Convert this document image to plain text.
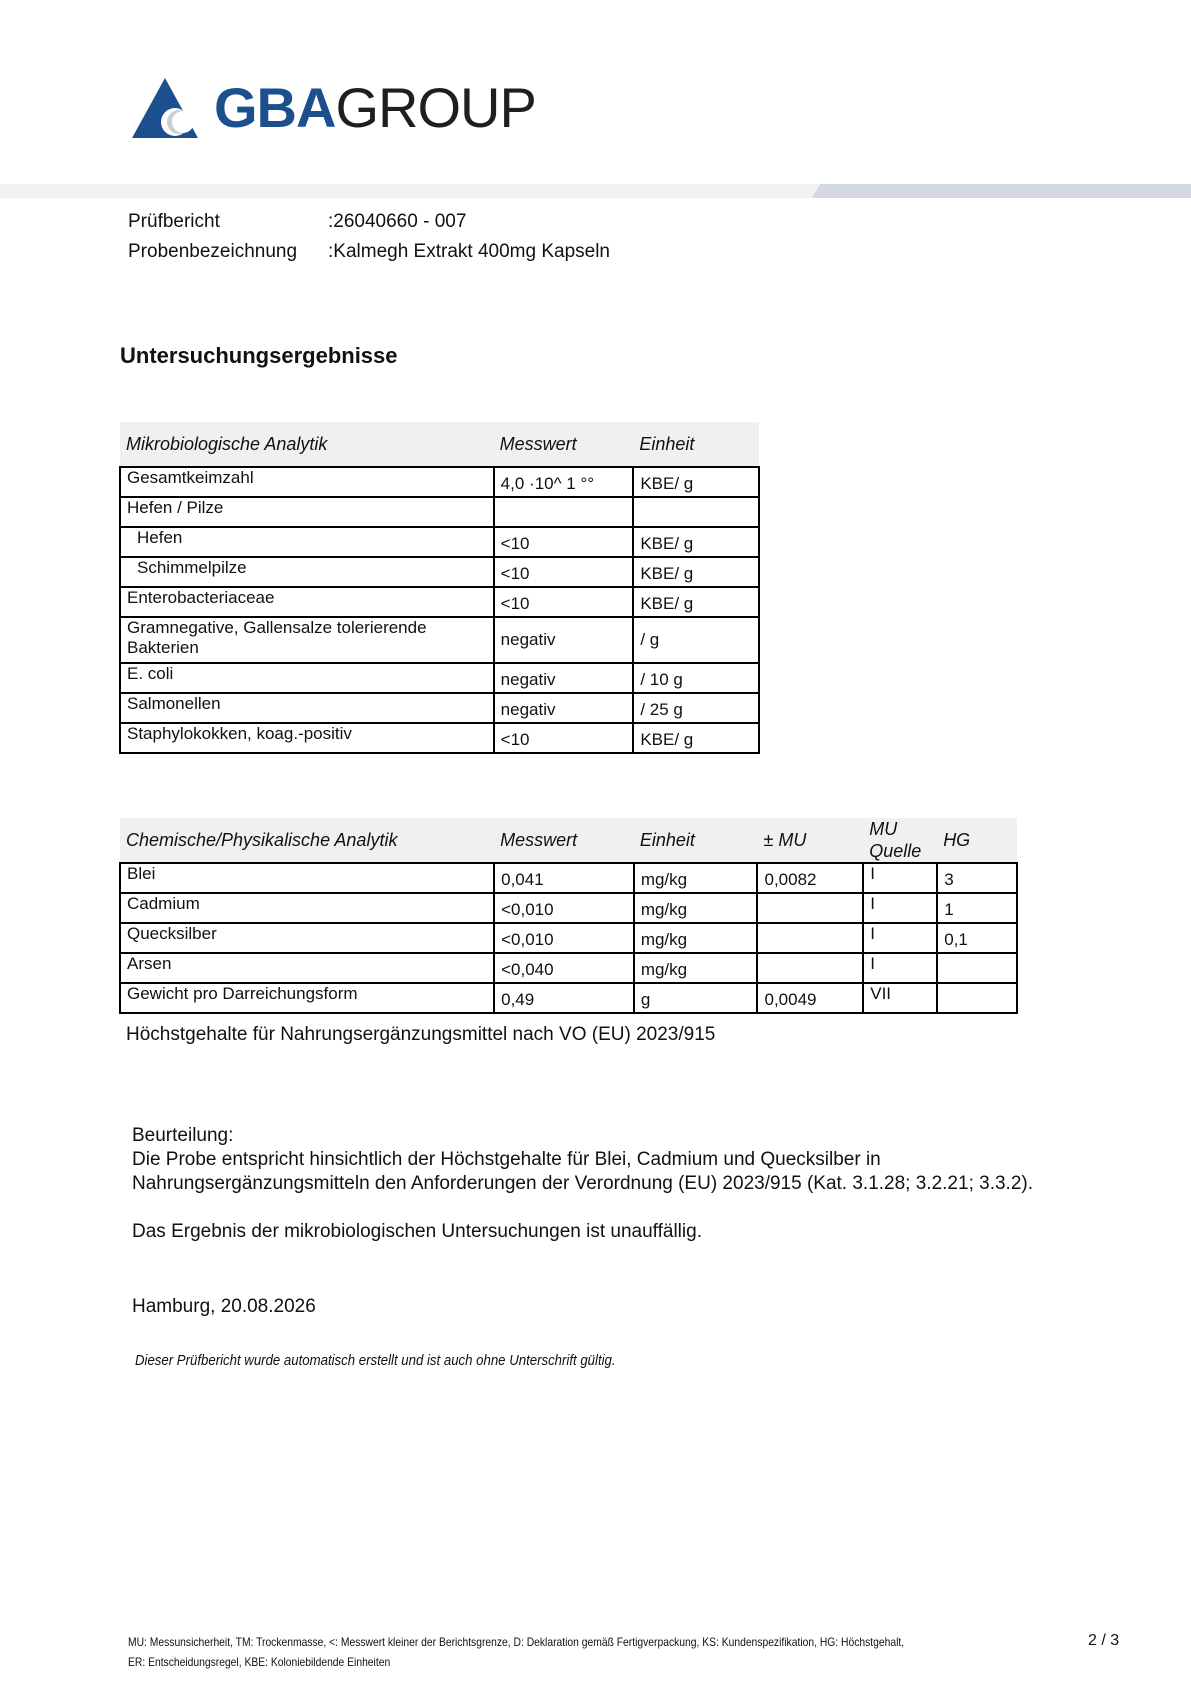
GBAGROUP
Prüfbericht	:26040660 - 007
Probenbezeichnung	:Kalmegh Extrakt 400mg Kapseln
Untersuchungsergebnisse
Mikrobiologische Analytik	Messwert	Einheit
Gesamtkeimzahl	4,0 ·10^ 1 °°	KBE/ g
Hefen / Pilze		
Hefen	<10	KBE/ g
Schimmelpilze	<10	KBE/ g
Enterobacteriaceae	<10	KBE/ g
Gramnegative, Gallensalze tolerierende Bakterien	negativ	/ g
E. coli	negativ	/ 10 g
Salmonellen	negativ	/ 25 g
Staphylokokken, koag.-positiv	<10	KBE/ g
Chemische/Physikalische Analytik	Messwert	Einheit	± MU	MU Quelle	HG
Blei	0,041	mg/kg	0,0082	I	3
Cadmium	<0,010	mg/kg		I	1
Quecksilber	<0,010	mg/kg		I	0,1
Arsen	<0,040	mg/kg		I	
Gewicht pro Darreichungsform	0,49	g	0,0049	VII	
Höchstgehalte für Nahrungsergänzungsmittel nach VO (EU) 2023/915

Beurteilung:

Die Probe entspricht hinsichtlich der Höchstgehalte für Blei, Cadmium und Quecksilber in

Nahrungsergänzungsmitteln den Anforderungen der Verordnung (EU) 2023/915 (Kat. 3.1.28; 3.2.21; 3.3.2).

Das Ergebnis der mikrobiologischen Untersuchungen ist unauffällig.

Hamburg, 20.08.2026
Dieser Prüfbericht wurde automatisch erstellt und ist auch ohne Unterschrift gültig.
MU: Messunsicherheit, TM: Trockenmasse, <: Messwert kleiner der Berichtsgrenze, D: Deklaration gemäß Fertigverpackung, KS: Kundenspezifikation, HG: Höchstgehalt,
ER: Entscheidungsregel, KBE: Koloniebildende Einheiten
2 / 3
